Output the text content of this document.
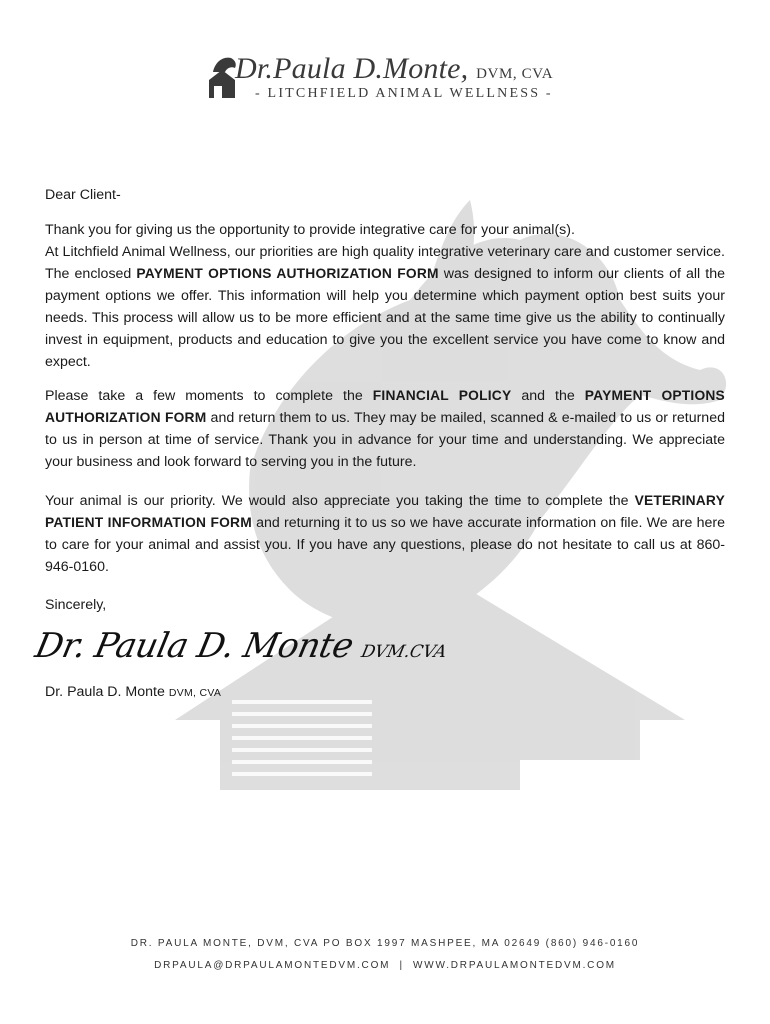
Dr.Paula D.Monte, DVM, CVA
- LITCHFIELD ANIMAL WELLNESS -

Dear Client-

Thank you for giving us the opportunity to provide integrative care for your animal(s).

At Litchfield Animal Wellness, our priorities are high quality integrative veterinary care and customer service. The enclosed PAYMENT OPTIONS AUTHORIZATION FORM was designed to inform our clients of all the payment options we offer. This information will help you determine which payment option best suits your needs. This process will allow us to be more efficient and at the same time give us the ability to continually invest in equipment, products and education to give you the excellent service you have come to know and expect.

Please take a few moments to complete the FINANCIAL POLICY and the PAYMENT OPTIONS AUTHORIZATION FORM and return them to us. They may be mailed, scanned & e-mailed to us or returned to us in person at time of service. Thank you in advance for your time and understanding. We appreciate your business and look forward to serving you in the future.

Your animal is our priority. We would also appreciate you taking the time to complete the VETERINARY PATIENT INFORMATION FORM and returning it to us so we have accurate information on file. We are here to care for your animal and assist you. If you have any questions, please do not hesitate to call us at 860-946-0160.

Sincerely,

Dr. Paula D. Monte DVM.CVA
Dr. Paula D. Monte DVM, CVA
DR. PAULA MONTE, DVM, CVA PO BOX 1997 MASHPEE, MA 02649 (860) 946-0160
DRPAULA@DRPAULAMONTEDVM.COM | WWW.DRPAULAMONTEDVM.COM
